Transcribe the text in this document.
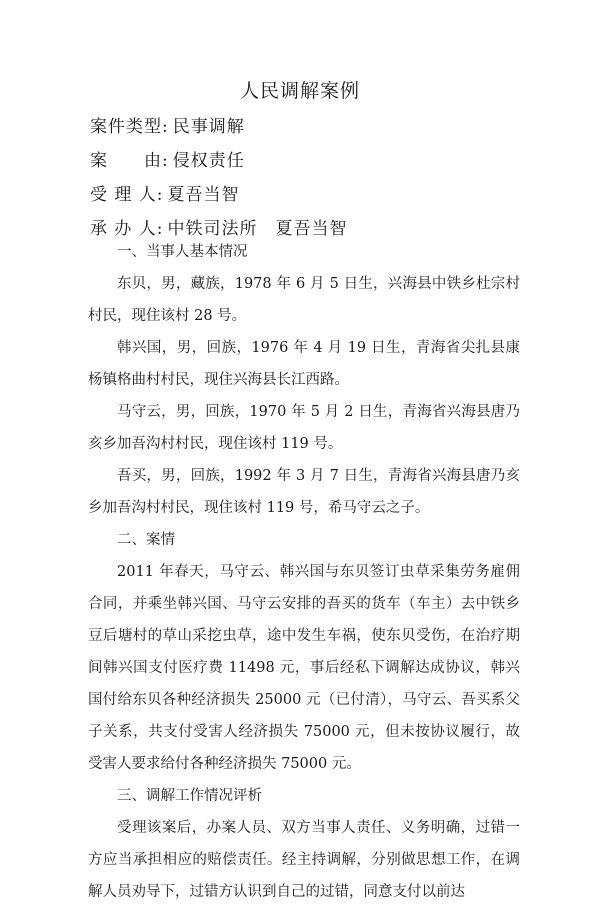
人民调解案例
案件类型: 民事调解
案　　由: 侵权责任
受 理 人: 夏吾当智
承 办 人: 中铁司法所 夏吾当智

一、当事人基本情况

东贝，男，藏族，1978 年 6 月 5 日生，兴海县中铁乡杜宗村村民，现住该村 28 号。

韩兴国，男，回族，1976 年 4 月 19 日生，青海省尖扎县康杨镇格曲村村民，现住兴海县长江西路。

马守云，男，回族，1970 年 5 月 2 日生，青海省兴海县唐乃亥乡加吾沟村村民，现住该村 119 号。

吾买，男，回族，1992 年 3 月 7 日生，青海省兴海县唐乃亥乡加吾沟村村民，现住该村 119 号，希马守云之子。

二、案情

2011 年春天，马守云、韩兴国与东贝签订虫草采集劳务雇佣合同，并乘坐韩兴国、马守云安排的吾买的货车（车主）去中铁乡豆后塘村的草山采挖虫草，途中发生车祸，使东贝受伤，在治疗期间韩兴国支付医疗费 11498 元，事后经私下调解达成协议，韩兴国付给东贝各种经济损失 25000 元（已付清），马守云、吾买系父子关系，共支付受害人经济损失 75000 元，但未按协议履行，故受害人要求给付各种经济损失 75000 元。

三、调解工作情况评析

受理该案后，办案人员、双方当事人责任、义务明确，过错一方应当承担相应的赔偿责任。经主持调解，分别做思想工作，在调解人员劝导下，过错方认识到自己的过错，同意支付以前达
